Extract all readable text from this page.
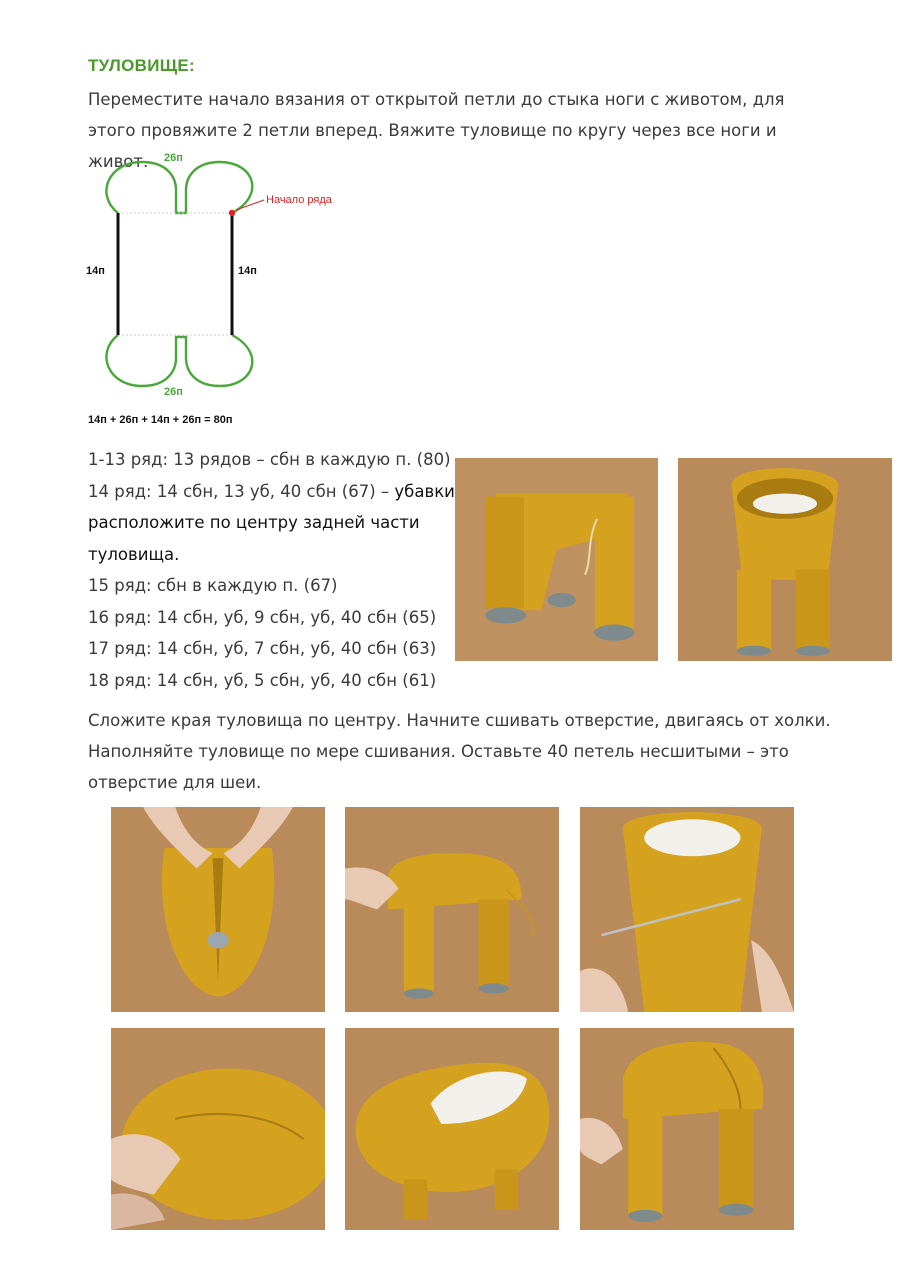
ТУЛОВИЩЕ:

Переместите начало вязания от открытой петли до стыка ноги с животом, для этого провяжите 2 петли вперед. Вяжите туловище по кругу через все ноги и живот.

Начало ряда
26п
26п
14п	14п
14п + 26п + 14п + 26п = 80п
1-13 ряд: 13 рядов – сбн в каждую п. (80)
14 ряд: 14 сбн, 13 уб, 40 сбн (67) – убавки
расположите по центру задней части
туловища.
15 ряд: сбн в каждую п. (67)
16 ряд: 14 сбн, уб, 9 сбн, уб, 40 сбн (65)
17 ряд: 14 сбн, уб, 7 сбн, уб, 40 сбн (63)
18 ряд: 14 сбн, уб, 5 сбн, уб, 40 сбн (61)

Сложите края туловища по центру. Начните сшивать отверстие, двигаясь от холки. Наполняйте туловище по мере сшивания. Оставьте 40 петель несшитыми – это отверстие для шеи.
